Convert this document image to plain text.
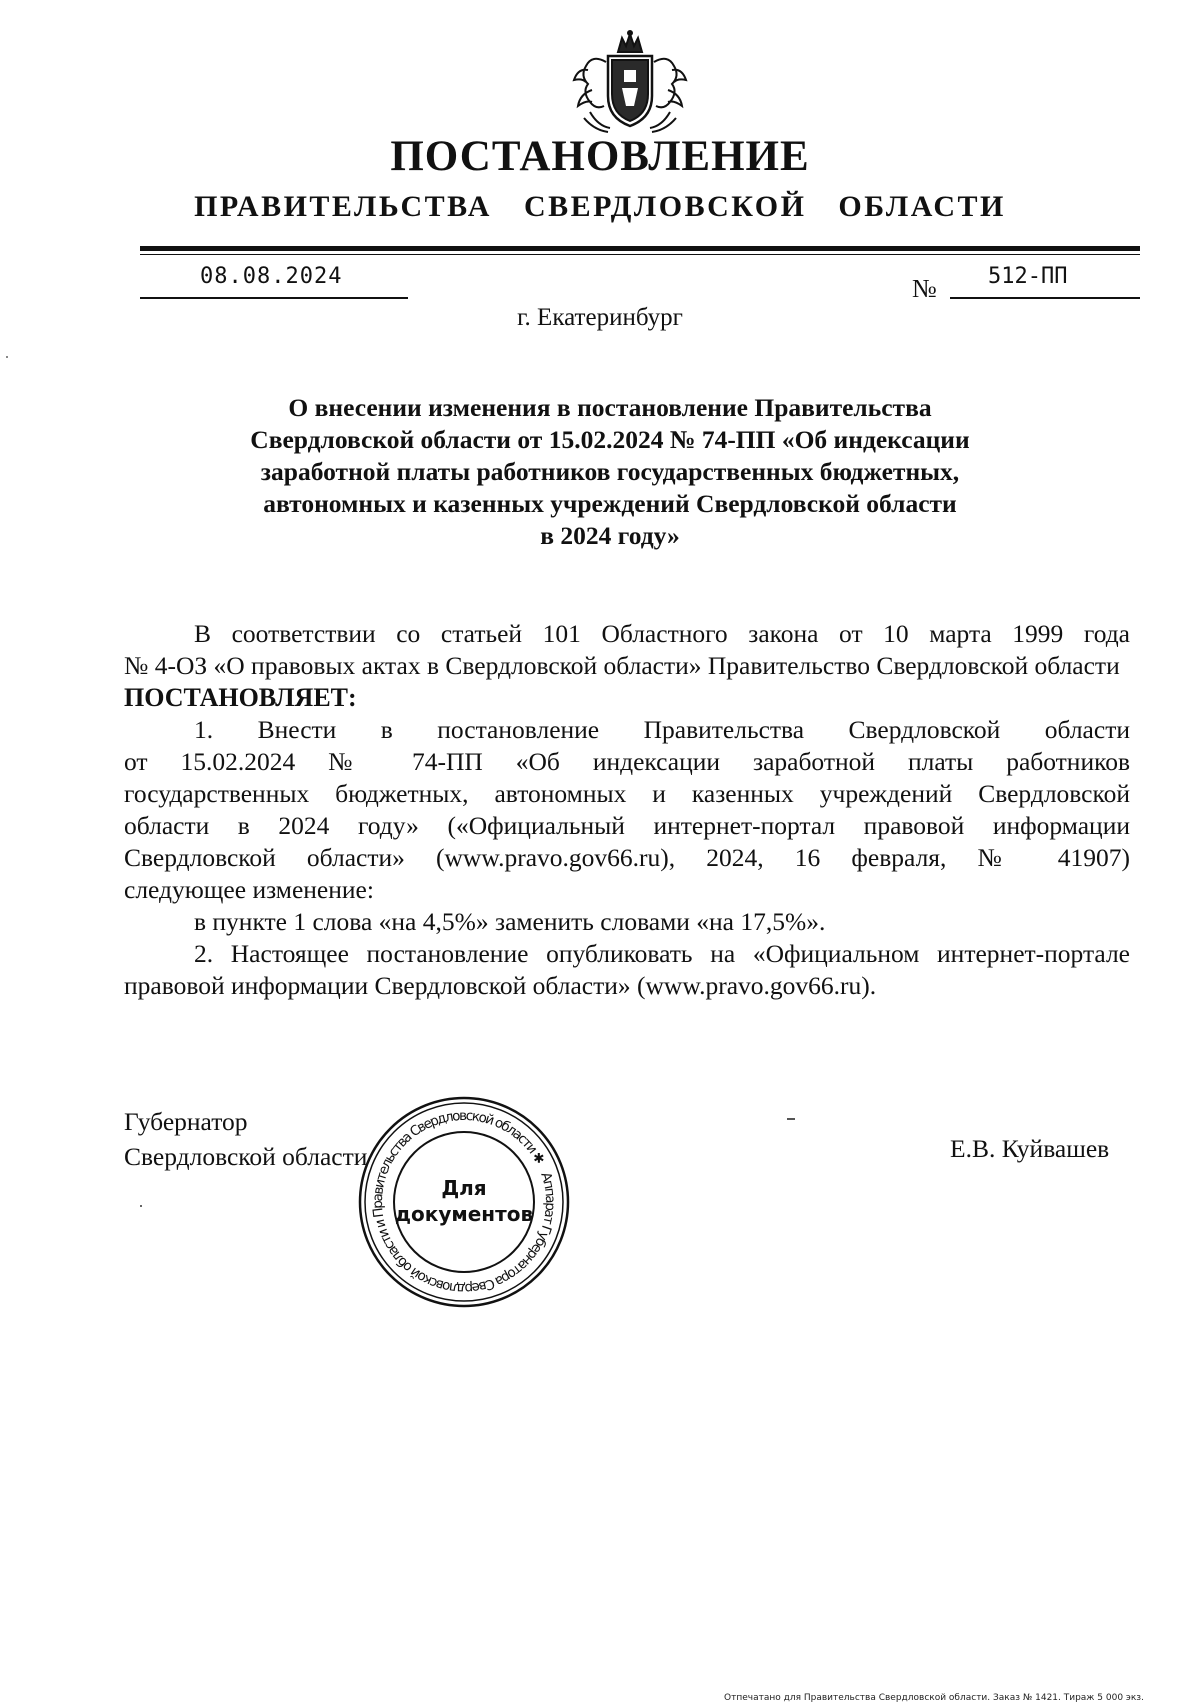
ПОСТАНОВЛЕНИЕ
ПРАВИТЕЛЬСТВА  СВЕРДЛОВСКОЙ  ОБЛАСТИ
08.08.2024	№ 512-ПП
г. Екатеринбург
О внесении изменения в постановление Правительства
Свердловской области от 15.02.2024 № 74-ПП «Об индексации
заработной платы работников государственных бюджетных,
автономных и казенных учреждений Свердловской области
в 2024 году»
В соответствии со статьей 101 Областного закона от 10 марта 1999 года
№ 4-ОЗ «О правовых актах в Свердловской области» Правительство Свердловской области
ПОСТАНОВЛЯЕТ:
1. Внести в постановление Правительства Свердловской области
от 15.02.2024 № 74-ПП «Об индексации заработной платы работников
государственных бюджетных, автономных и казенных учреждений Свердловской
области в 2024 году» («Официальный интернет-портал правовой информации
Свердловской области» (www.pravo.gov66.ru), 2024, 16 февраля, № 41907)
следующее изменение:
в пункте 1 слова «на 4,5%» заменить словами «на 17,5%».
2. Настоящее постановление опубликовать на «Официальном интернет-портале правовой информации Свердловской области» (www.pravo.gov66.ru).
Губернатор
Свердловской области	Е.В. Куйвашев
Аппарат Губернатора Свердловской области и Правительства Свердловской области ✱
Для
документов
Отпечатано для Правительства Свердловской области. Заказ № 1421. Тираж 5 000 экз.
